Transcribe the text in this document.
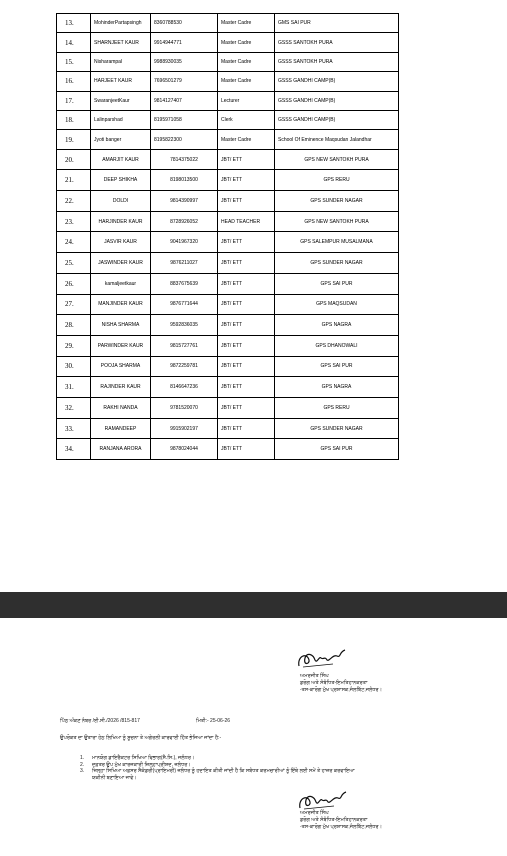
13.	MohinderPartapsingh	8360788530	Master Cadre	GMS SAI PUR
14.	SHARNJEET KAUR	9914944771	Master Cadre	GSSS SANTOKH PURA
15.	Nisharampal	9988930035	Master Cadre	GSSS SANTOKH PURA
16.	HARJEET KAUR	7696501279	Master Cadre	GSSS GANDHI CAMP(B)
17.	SwaranjeetKaur	9814127407	Lecturer	GSSS GANDHI CAMP(B)
18.	Lalinparshad	8195971058	Clerk	GSSS GANDHI CAMP(B)
19.	Jyoti banger	8195822300	Master Cadre	School Of Eminence Maqsudan Jalandhar
20.	AMARJIT KAUR	7814375022	JBT/ ETT	GPS NEW SANTOKH PURA
21.	DEEP SHIKHA	8198013500	JBT/ ETT	GPS RERU
22.	DOLDI	9814390997	JBT/ ETT	GPS SUNDER NAGAR
23.	HARJINDER KAUR	8728926052	HEAD TEACHER	GPS NEW SANTOKH PURA
24.	JASVIR KAUR	9041967320	JBT/ ETT	GPS SALEMPUR MUSALMANA
25.	JASWINDER KAUR	9876211027	JBT/ ETT	GPS SUNDER NAGAR
26.	kamaljeetkaur	8837675639	JBT/ ETT	GPS SAI PUR
27.	MANJINDER KAUR	9876771644	JBT/ ETT	GPS MAQSUDAN
28.	NISHA SHARMA	9592836035	JBT/ ETT	GPS NAGRA
29.	PARWINDER KAUR	9815727761	JBT/ ETT	GPS DHANOWALI
30.	POOJA SHARMA	9872259781	JBT/ ETT	GPS SAI PUR
31.	RAJINDER KAUR	8146647236	JBT/ ETT	GPS NAGRA
32.	RAKHI NANDA	9781520070	JBT/ ETT	GPS RERU
33.	RAMANDEEP	9915902197	JBT/ ETT	GPS SUNDER NAGAR
34.	RANJANA ARORA	9878024044	JBT/ ETT	GPS SAI PUR
ਅਮਰਜੀਤ ਸਿੰਘ
ਡਰੋਗ ਅਤੇ ਸੰਬੰਧਿਤ-ਇਮਤਿਹਾਨਕਰਤਾ
-ਤਸ-ਕਾਰੋਗ ਮੁੱਖ ਪ੍ਰਸ਼ਾਸਕ,ਜੰਲਬਿੱਟ,ਜਲੰਧਰ।
ਪਿੱਠ ਅੰਕਣ ਨੰਬਰ /ਈ.ਸੀ./2026 /815-817	ਮਿਤੀ:- 25-06-26
ਉਪਰੋਕਤ ਦਾ ਉਤਾਰਾ ਹੇਠ ਲਿਖਿਆ ਨੂੰ ਸੂਚਨਾ ਤੇ ਅਗੇਰਲੀ ਕਾਰਵਾਈ ਹਿੱਤ ਭੇਜਿਆ ਜਾਂਦਾ ਹੈ:-
1. ਮਾਨਯੋਗ ਡਾਇਰੈਕਟਰ ਸਿਖਿਆ ਵਿਭਾਗ(ਸੈ.ਸਿ.), ਜਲੰਧਰ।
2. ਦਫ਼ਤਰ ਉਪ ਮੁੱਖ ਕਾਰਜਕਾਰੀ ਜ਼ਿਲ੍ਹਾਪ੍ਰੀਸ਼ਦ, ਜਲੰਧਰ।
3. ਜ਼ਿਲ੍ਹਾ ਸਿਖਿਆ ਅਫ਼ਸਰ ਸੈਕੰਡਰੀ(ਪ੍ਰਾਇਮਰੀ) ਜਲੰਧਰ ਨੂੰ ਹਦਾਇਤ ਕੀਤੀ ਜਾਂਦੀ ਹੈ ਕਿ ਸਬੰਧਤ ਕਰਮਚਾਰੀਆਂ ਨੂੰ ਇੱਥੇ ਲਈ ਸਮੇਂ ਤੇ ਹਾਜ਼ਰ ਕਰਵਾਇਆ
ਯਕੀਨੀ ਬਣਾਇਆ ਜਾਵੇ।
ਅਮਰਜੀਤ ਸਿੰਘ
ਡਰੋਗ ਅਤੇ ਸੰਬੰਧਿਤ-ਇਮਤਿਹਾਨਕਰਤਾ
-ਤਸ-ਕਾਰੋਗ ਮੁੱਖ ਪ੍ਰਸ਼ਾਸਕ,ਜੰਲਬਿੱਟ,ਜਲੰਧਰ।
